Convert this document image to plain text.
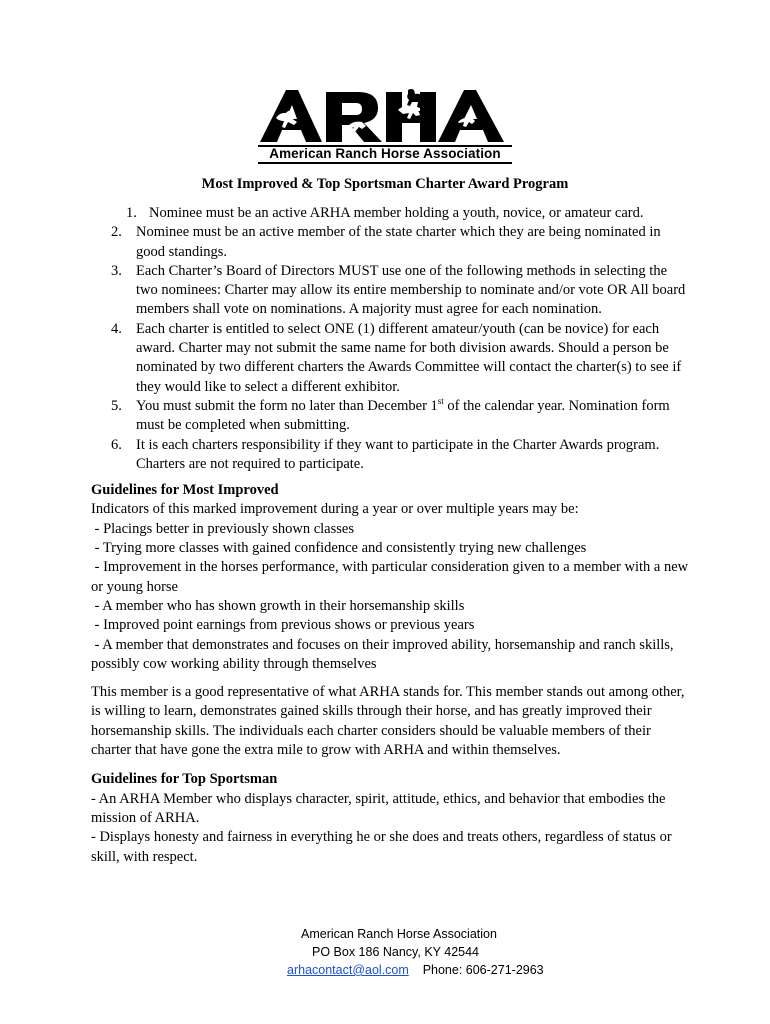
American Ranch Horse Association
Most Improved & Top Sportsman Charter Award Program
1. Nominee must be an active ARHA member holding a youth, novice, or amateur card.
2. Nominee must be an active member of the state charter which they are being nominated in good standings.
3. Each Charter’s Board of Directors MUST use one of the following methods in selecting the two nominees: Charter may allow its entire membership to nominate and/or vote OR All board members shall vote on nominations. A majority must agree for each nomination.
4. Each charter is entitled to select ONE (1) different amateur/youth (can be novice) for each award. Charter may not submit the same name for both division awards. Should a person be nominated by two different charters the Awards Committee will contact the charter(s) to see if they would like to select a different exhibitor.
5. You must submit the form no later than December 1st of the calendar year. Nomination form must be completed when submitting.
6. It is each charters responsibility if they want to participate in the Charter Awards program. Charters are not required to participate.
Guidelines for Most Improved

Indicators of this marked improvement during a year or over multiple years may be:

- Placings better in previously shown classes

- Trying more classes with gained confidence and consistently trying new challenges

- Improvement in the horses performance, with particular consideration given to a member with a new or young horse

- A member who has shown growth in their horsemanship skills

- Improved point earnings from previous shows or previous years

- A member that demonstrates and focuses on their improved ability, horsemanship and ranch skills, possibly cow working ability through themselves

This member is a good representative of what ARHA stands for. This member stands out among other, is willing to learn, demonstrates gained skills through their horse, and has greatly improved their horsemanship skills. The individuals each charter considers should be valuable members of their charter that have gone the extra mile to grow with ARHA and within themselves.

Guidelines for Top Sportsman

- An ARHA Member who displays character, spirit, attitude, ethics, and behavior that embodies the mission of ARHA.

- Displays honesty and fairness in everything he or she does and treats others, regardless of status or skill, with respect.

American Ranch Horse Association
PO Box 186 Nancy, KY 42544
arhacontact@aol.com Phone: 606-271-2963
